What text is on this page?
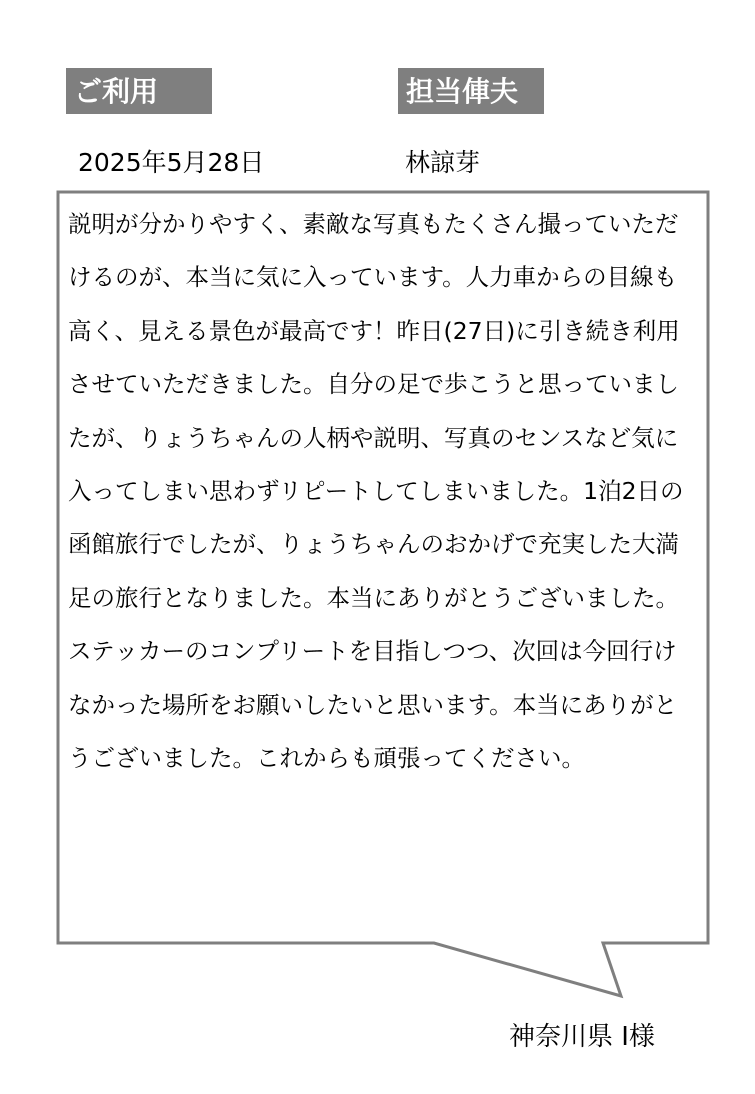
ご利用	担当俥夫
2025年5月28日	林諒芽
説明が分かりやすく、素敵な写真もたくさん撮っていただけるのが、本当に気に入っています。人力車からの目線も高く、見える景色が最高です！昨日(27日)に引き続き利用させていただきました。自分の足で歩こうと思っていましたが、りょうちゃんの人柄や説明、写真のセンスなど気に入ってしまい思わずリピートしてしまいました。1泊2日の函館旅行でしたが、りょうちゃんのおかげで充実した大満足の旅行となりました。本当にありがとうございました。ステッカーのコンプリートを目指しつつ、次回は今回行けなかった場所をお願いしたいと思います。本当にありがとうございました。これからも頑張ってください。
神奈川県 I様
